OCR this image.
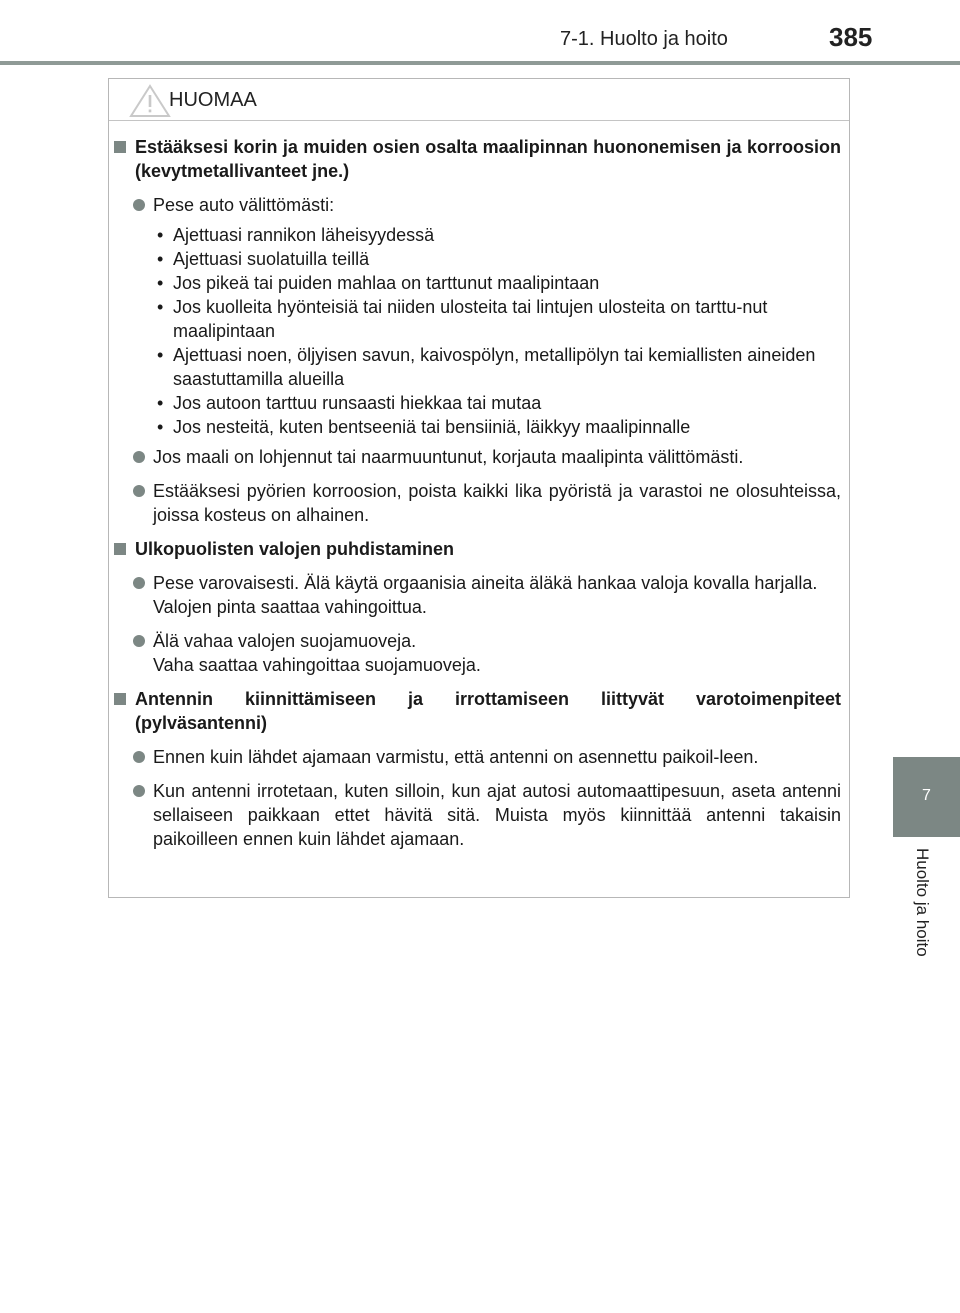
7-1. Huolto ja hoito	385
7
Huolto ja hoito
HUOMAA
Estääksesi korin ja muiden osien osalta maalipinnan huononemisen ja korroosion (kevytmetallivanteet jne.)
Pese auto välittömästi:
• Ajettuasi rannikon läheisyydessä
• Ajettuasi suolatuilla teillä
• Jos pikeä tai puiden mahlaa on tarttunut maalipintaan
• Jos kuolleita hyönteisiä tai niiden ulosteita tai lintujen ulosteita on tarttu-nut maalipintaan
• Ajettuasi noen, öljyisen savun, kaivospölyn, metallipölyn tai kemiallisten aineiden saastuttamilla alueilla
• Jos autoon tarttuu runsaasti hiekkaa tai mutaa
• Jos nesteitä, kuten bentseeniä tai bensiiniä, läikkyy maalipinnalle
Jos maali on lohjennut tai naarmuuntunut, korjauta maalipinta välittömästi.
Estääksesi pyörien korroosion, poista kaikki lika pyöristä ja varastoi ne olosuhteissa, joissa kosteus on alhainen.
Ulkopuolisten valojen puhdistaminen
Pese varovaisesti. Älä käytä orgaanisia aineita äläkä hankaa valoja kovalla harjalla.
Valojen pinta saattaa vahingoittua.
Älä vahaa valojen suojamuoveja.
Vaha saattaa vahingoittaa suojamuoveja.
Antennin kiinnittämiseen ja irrottamiseen liittyvät varotoimenpiteet (pylväsantenni)
Ennen kuin lähdet ajamaan varmistu, että antenni on asennettu paikoil-leen.
Kun antenni irrotetaan, kuten silloin, kun ajat autosi automaattipesuun, aseta antenni sellaiseen paikkaan ettet hävitä sitä. Muista myös kiinnittää antenni takaisin paikoilleen ennen kuin lähdet ajamaan.
